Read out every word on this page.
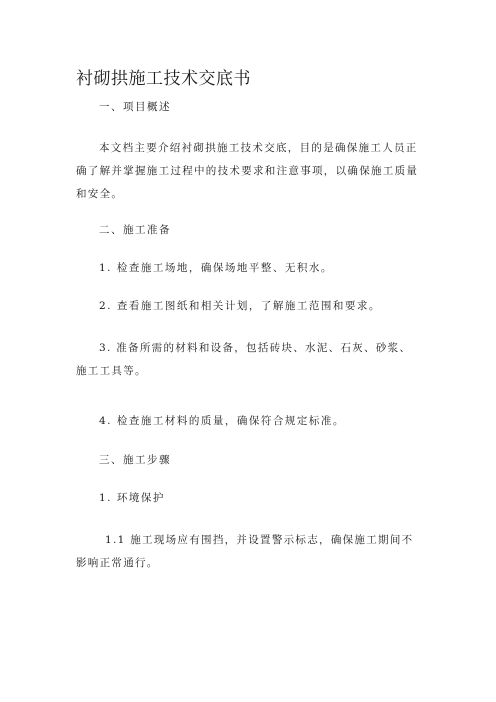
衬砌拱施工技术交底书
一、项目概述
本文档主要介绍衬砌拱施工技术交底，目的是确保施工人员正确了解并掌握施工过程中的技术要求和注意事项，以确保施工质量和安全。
二、施工准备
1. 检查施工场地，确保场地平整、无积水。
2. 查看施工图纸和相关计划，了解施工范围和要求。
3. 准备所需的材料和设备，包括砖块、水泥、石灰、砂浆、施工工具等。
4. 检查施工材料的质量，确保符合规定标准。
三、施工步骤
1. 环境保护
1.1 施工现场应有围挡，并设置警示标志，确保施工期间不影响正常通行。
